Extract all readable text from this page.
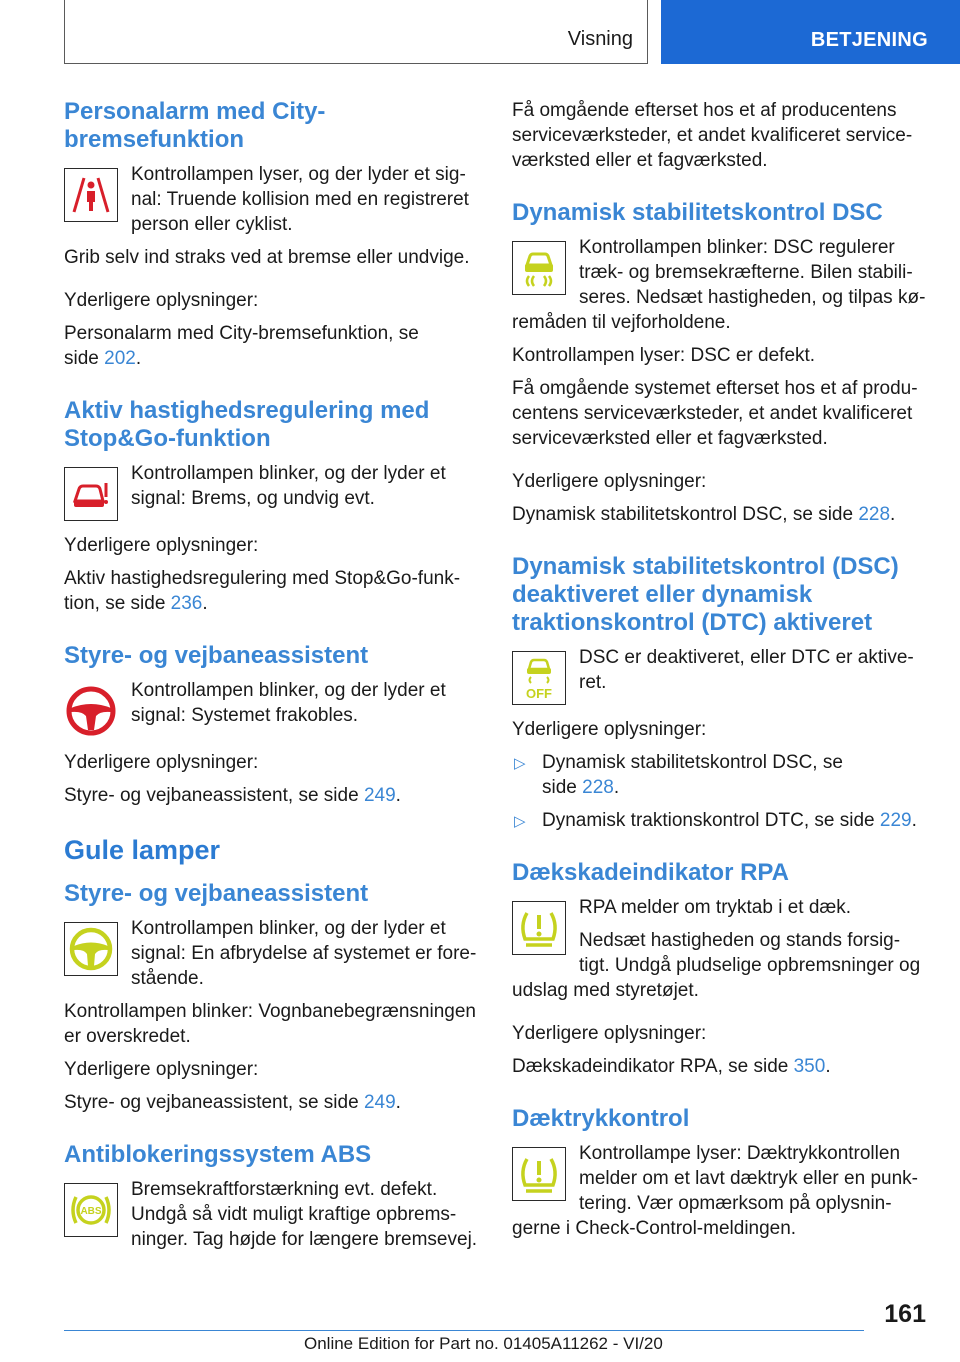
Visning	BETJENING
Personalarm med City-
bremsefunktion

Kontrollampen lyser, og der lyder et sig-
nal: Truende kollision med en registreret
person eller cyklist.

Grib selv ind straks ved at bremse eller undvige.

Yderligere oplysninger:

Personalarm med City-bremsefunktion, se
side 202.

Aktiv hastighedsregulering med
Stop&Go-funktion

Kontrollampen blinker, og der lyder et
signal: Brems, og undvig evt.

Yderligere oplysninger:

Aktiv hastighedsregulering med Stop&Go-funk-
tion, se side 236.

Styre- og vejbaneassistent

Kontrollampen blinker, og der lyder et
signal: Systemet frakobles.

Yderligere oplysninger:

Styre- og vejbaneassistent, se side 249.

Gule lamper
Styre- og vejbaneassistent

Kontrollampen blinker, og der lyder et
signal: En afbrydelse af systemet er fore-
stående.

Kontrollampen blinker: Vognbanebegrænsningen
er overskredet.

Yderligere oplysninger:

Styre- og vejbaneassistent, se side 249.

Antiblokeringssystem ABS
ABS

Bremsekraftforstærkning evt. defekt.
Undgå så vidt muligt kraftige opbrems-
ninger. Tag højde for længere bremsevej.

Få omgående efterset hos et af producentens
serviceværksteder, et andet kvalificeret service-
værksted eller et fagværksted.

Dynamisk stabilitetskontrol DSC

Kontrollampen blinker: DSC regulerer
træk- og bremsekræfterne. Bilen stabili-
seres. Nedsæt hastigheden, og tilpas kø-
remåden til vejforholdene.

Kontrollampen lyser: DSC er defekt.

Få omgående systemet efterset hos et af produ-
centens serviceværksteder, et andet kvalificeret
serviceværksted eller et fagværksted.

Yderligere oplysninger:

Dynamisk stabilitetskontrol DSC, se side 228.

Dynamisk stabilitetskontrol (DSC)
deaktiveret eller dynamisk
traktionskontrol (DTC) aktiveret
OFF

DSC er deaktiveret, eller DTC er aktive-
ret.

Yderligere oplysninger:

▷ Dynamisk stabilitetskontrol DSC, se
side 228.
▷ Dynamisk traktionskontrol DTC, se side 229.
Dækskadeindikator RPA

RPA melder om tryktab i et dæk.

Nedsæt hastigheden og stands forsig-
tigt. Undgå pludselige opbremsninger og
udslag med styretøjet.

Yderligere oplysninger:

Dækskadeindikator RPA, se side 350.

Dæktrykkontrol

Kontrollampe lyser: Dæktrykkontrollen
melder om et lavt dæktryk eller en punk-
tering. Vær opmærksom på oplysnin-
gerne i Check-Control-meldingen.

161
Online Edition for Part no. 01405A11262 - VI/20
